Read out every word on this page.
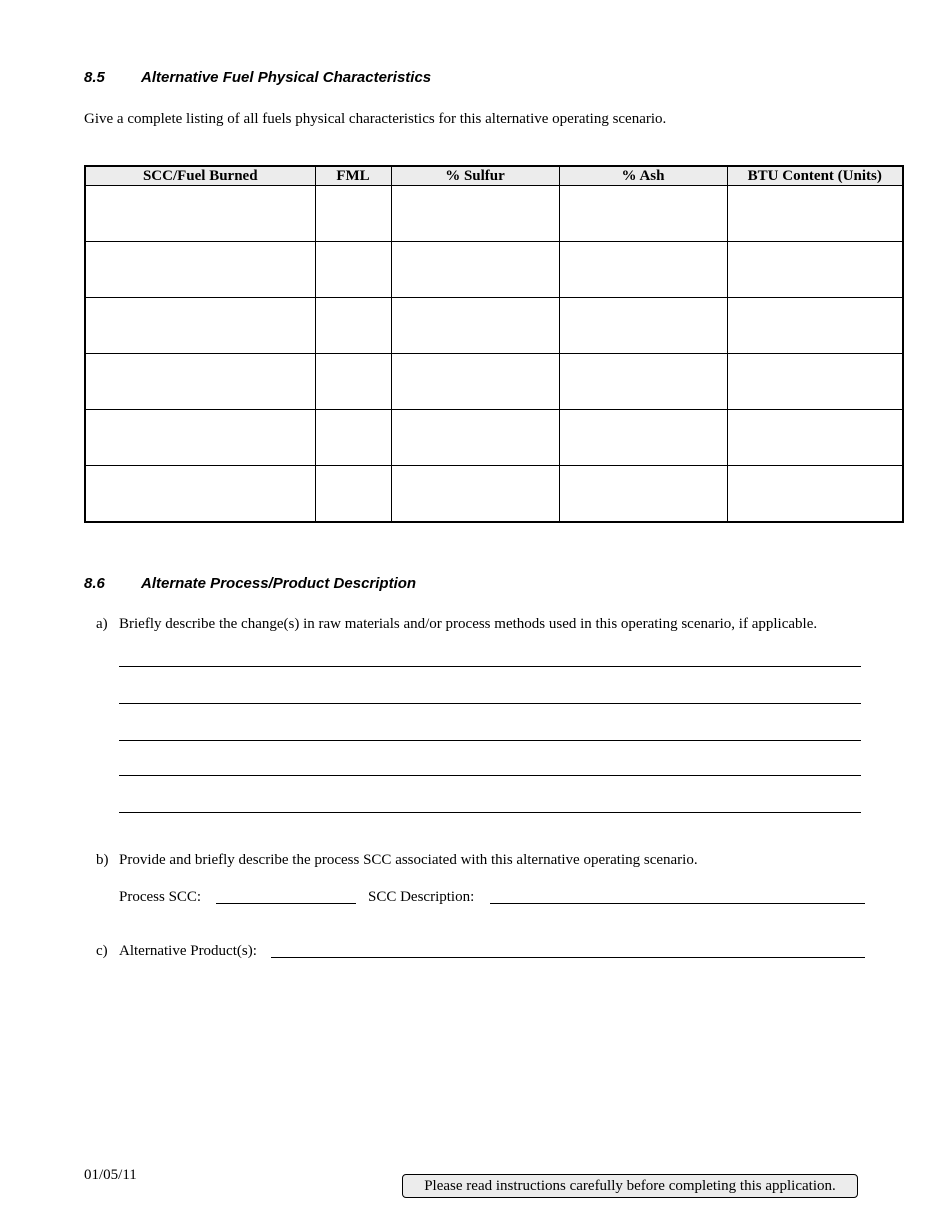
8.5 Alternative Fuel Physical Characteristics
Give a complete listing of all fuels physical characteristics for this alternative operating scenario.
SCC/Fuel Burned	FML	% Sulfur	% Ash	BTU Content (Units)

8.6 Alternate Process/Product Description
a) Briefly describe the change(s) in raw materials and/or process methods used in this operating scenario, if applicable.
b) Provide and briefly describe the process SCC associated with this alternative operating scenario.
Process SCC:	SCC Description:
c) Alternative Product(s):
01/05/11
Please read instructions carefully before completing this application.
